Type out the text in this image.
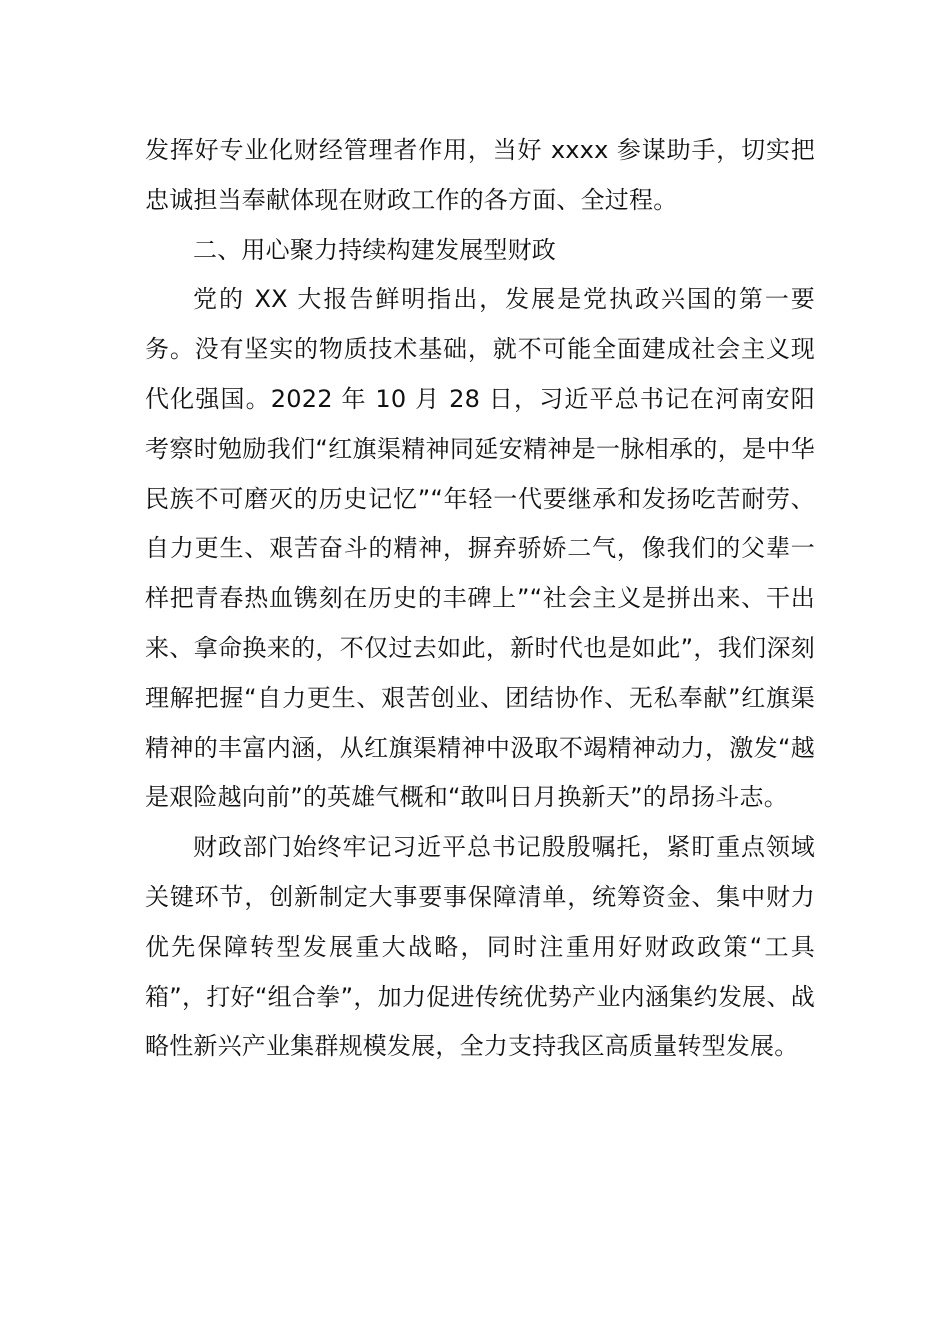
发挥好专业化财经管理者作用，当好 xxxx 参谋助手，切实把忠诚担当奉献体现在财政工作的各方面、全过程。

二、用心聚力持续构建发展型财政

党的 XX 大报告鲜明指出，发展是党执政兴国的第一要务。没有坚实的物质技术基础，就不可能全面建成社会主义现代化强国。2022 年 10 月 28 日，习近平总书记在河南安阳考察时勉励我们“红旗渠精神同延安精神是一脉相承的，是中华民族不可磨灭的历史记忆”“年轻一代要继承和发扬吃苦耐劳、自力更生、艰苦奋斗的精神，摒弃骄娇二气，像我们的父辈一样把青春热血镌刻在历史的丰碑上”“社会主义是拼出来、干出来、拿命换来的，不仅过去如此，新时代也是如此”，我们深刻理解把握“自力更生、艰苦创业、团结协作、无私奉献”红旗渠精神的丰富内涵，从红旗渠精神中汲取不竭精神动力，激发“越是艰险越向前”的英雄气概和“敢叫日月换新天”的昂扬斗志。

财政部门始终牢记习近平总书记殷殷嘱托，紧盯重点领域关键环节，创新制定大事要事保障清单，统筹资金、集中财力优先保障转型发展重大战略，同时注重用好财政政策“工具箱”，打好“组合拳”，加力促进传统优势产业内涵集约发展、战略性新兴产业集群规模发展，全力支持我区高质量转型发展。
